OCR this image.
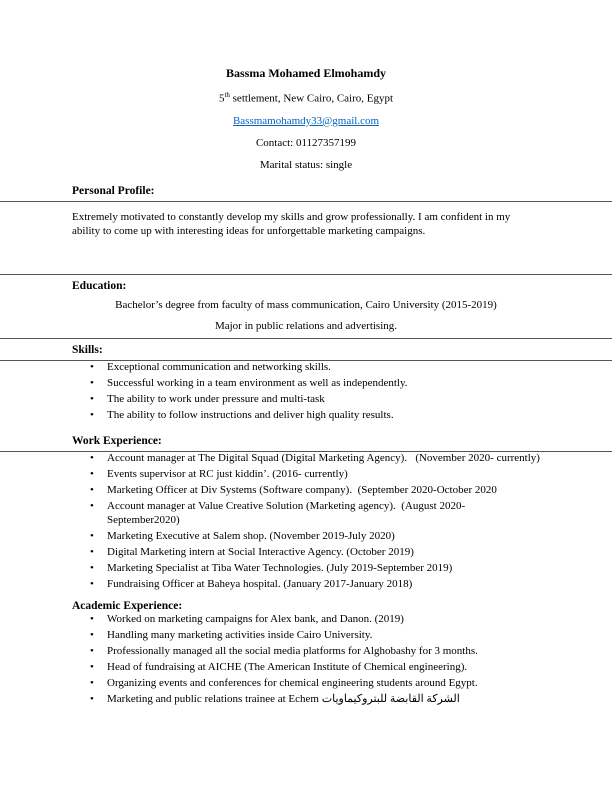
Bassma Mohamed Elmohamdy

5th settlement, New Cairo, Cairo, Egypt

Bassmamohamdy33@gmail.com

Contact: 01127357199

Marital status: single

Personal Profile:

Extremely motivated to constantly develop my skills and grow professionally. I am confident in my ability to come up with interesting ideas for unforgettable marketing campaigns.

Education:

Bachelor’s degree from faculty of mass communication, Cairo University (2015-2019)

Major in public relations and advertising.

Skills:

• Exceptional communication and networking skills.
• Successful working in a team environment as well as independently.
• The ability to work under pressure and multi-task
• The ability to follow instructions and deliver high quality results.

Work Experience:

• Account manager at The Digital Squad (Digital Marketing Agency).   (November 2020- currently)
• Events supervisor at RC just kiddin’. (2016- currently)
• Marketing Officer at Div Systems (Software company).  (September 2020-October 2020
• Account manager at Value Creative Solution (Marketing agency).  (August 2020- September2020)
• Marketing Executive at Salem shop. (November 2019-July 2020)
• Digital Marketing intern at Social Interactive Agency. (October 2019)
• Marketing Specialist at Tiba Water Technologies. (July 2019-September 2019)
• Fundraising Officer at Baheya hospital. (January 2017-January 2018)

Academic Experience:

• Worked on marketing campaigns for Alex bank, and Danon. (2019)
• Handling many marketing activities inside Cairo University.
• Professionally managed all the social media platforms for Alghobashy for 3 months.
• Head of fundraising at AICHE (The American Institute of Chemical engineering).
• Organizing events and conferences for chemical engineering students around Egypt.
• Marketing and public relations trainee at Echem الشركة القابضة للبتروكيماويات
